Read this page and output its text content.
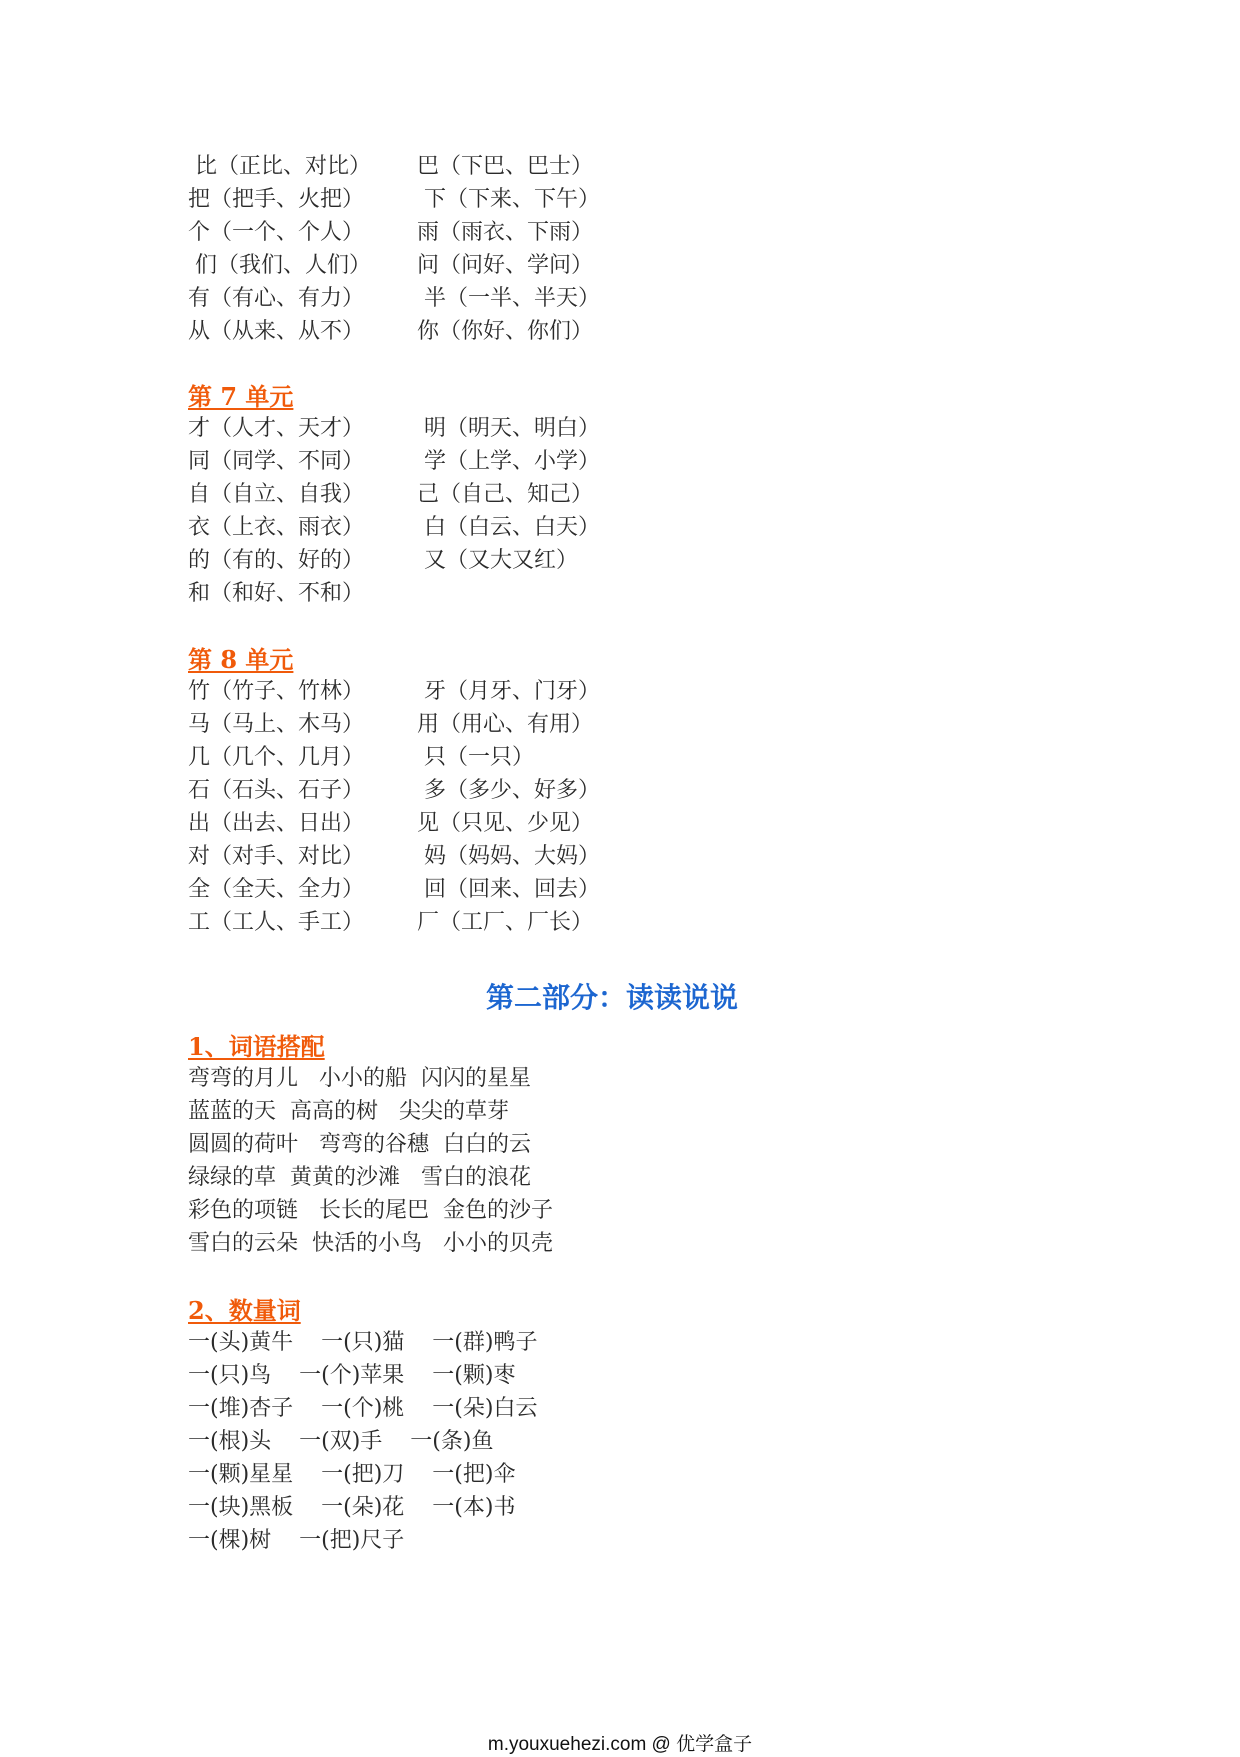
比（正比、对比）	巴（下巴、巴士）
把（把手、火把）	下（下来、下午）
个（一个、个人）	雨（雨衣、下雨）
们（我们、人们）	问（问好、学问）
有（有心、有力）	半（一半、半天）
从（从来、从不）	你（你好、你们）
第 7 单元
才（人才、天才）	明（明天、明白）
同（同学、不同）	学（上学、小学）
自（自立、自我）	己（自己、知己）
衣（上衣、雨衣）	白（白云、白天）
的（有的、好的）	又（又大又红）
和（和好、不和）
第 8 单元
竹（竹子、竹林）	牙（月牙、门牙）
马（马上、木马）	用（用心、有用）
几（几个、几月）	只（一只）
石（石头、石子）	多（多少、好多）
出（出去、日出）	见（只见、少见）
对（对手、对比）	妈（妈妈、大妈）
全（全天、全力）	回（回来、回去）
工（工人、手工）	厂（工厂、厂长）
第二部分：读读说说
1、词语搭配
弯弯的月儿   小小的船  闪闪的星星
蓝蓝的天  高高的树   尖尖的草芽
圆圆的荷叶   弯弯的谷穗  白白的云
绿绿的草  黄黄的沙滩   雪白的浪花
彩色的项链   长长的尾巴  金色的沙子
雪白的云朵  快活的小鸟   小小的贝壳
2、数量词
一(头)黄牛    一(只)猫    一(群)鸭子
一(只)鸟    一(个)苹果    一(颗)枣
一(堆)杏子    一(个)桃    一(朵)白云
一(根)头    一(双)手    一(条)鱼
一(颗)星星    一(把)刀    一(把)伞
一(块)黑板    一(朵)花    一(本)书
一(棵)树    一(把)尺子
m.youxuehezi.com @ 优学盒子
